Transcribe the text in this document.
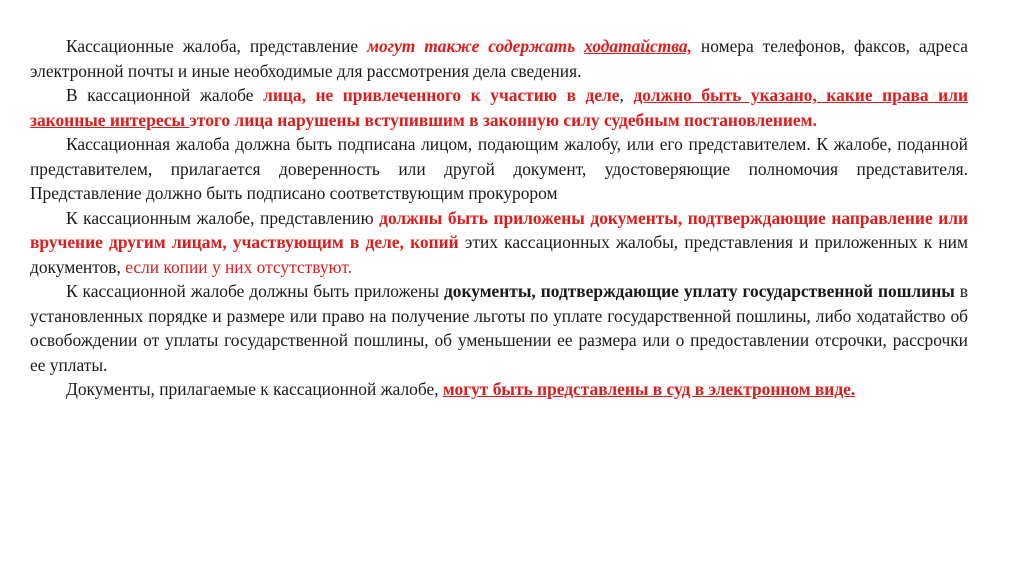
Кассационные жалоба, представление могут также содержать ходатайства, номера телефонов, факсов, адреса электронной почты и иные необходимые для рассмотрения дела сведения.

В кассационной жалобе лица, не привлеченного к участию в деле, должно быть указано, какие права или законные интересы этого лица нарушены вступившим в законную силу судебным постановлением.

Кассационная жалоба должна быть подписана лицом, подающим жалобу, или его представителем. К жалобе, поданной представителем, прилагается доверенность или другой документ, удостоверяющие полномочия представителя. Представление должно быть подписано соответствующим прокурором

К кассационным жалобе, представлению должны быть приложены документы, подтверждающие направление или вручение другим лицам, участвующим в деле, копий этих кассационных жалобы, представления и приложенных к ним документов, если копии у них отсутствуют.

К кассационной жалобе должны быть приложены документы, подтверждающие уплату государственной пошлины в установленных порядке и размере или право на получение льготы по уплате государственной пошлины, либо ходатайство об освобождении от уплаты государственной пошлины, об уменьшении ее размера или о предоставлении отсрочки, рассрочки ее уплаты.

Документы, прилагаемые к кассационной жалобе, могут быть представлены в суд в электронном виде.
